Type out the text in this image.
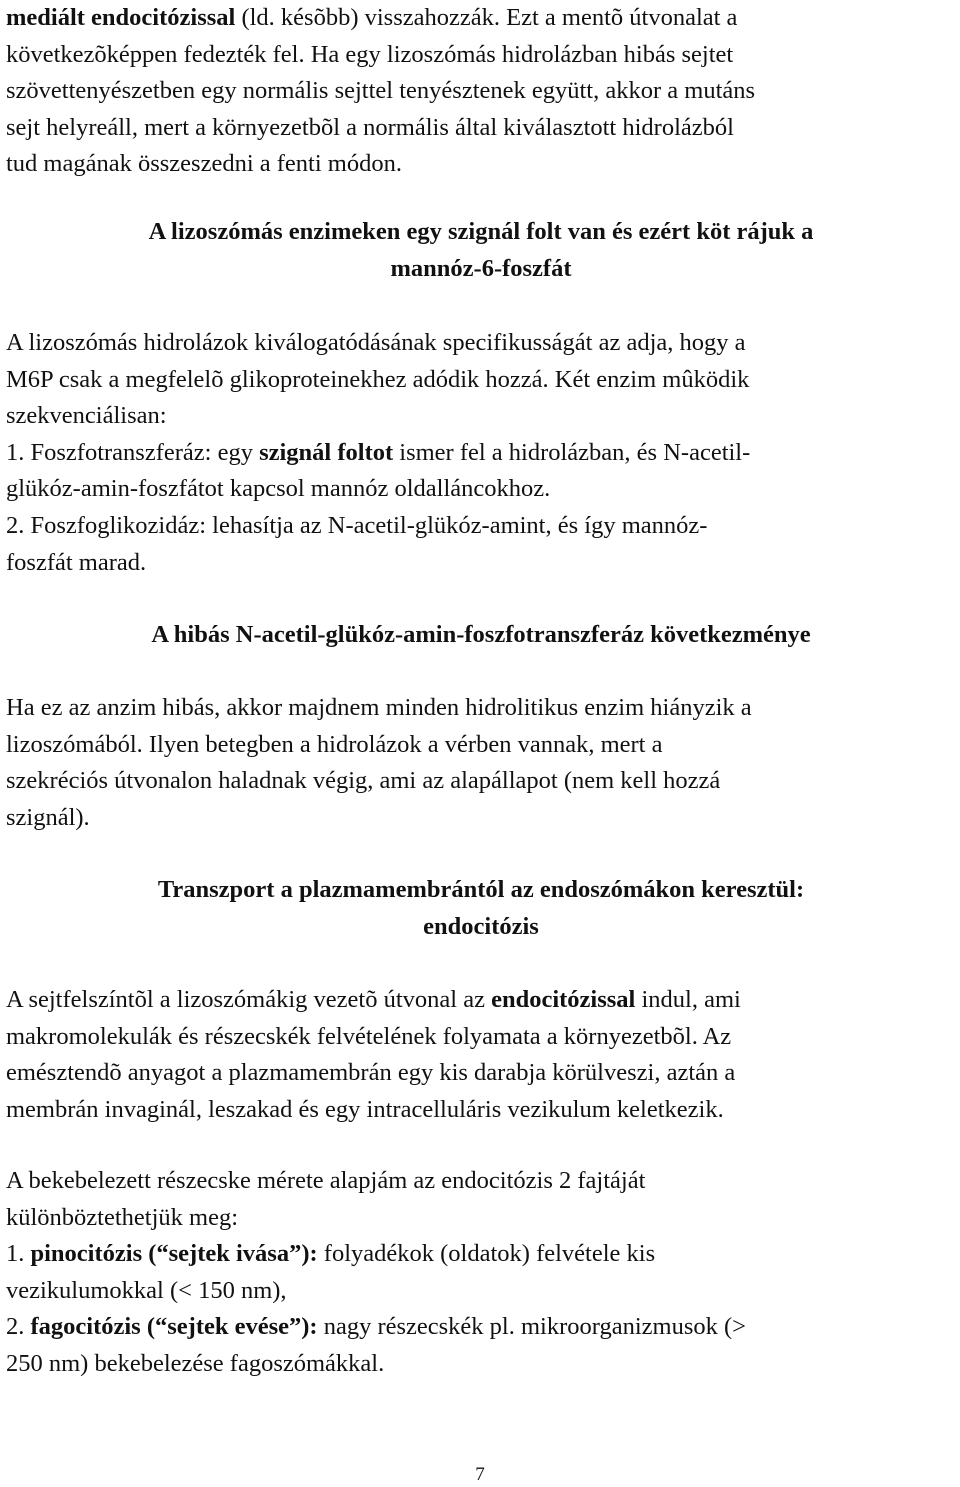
mediált endocitózissal (ld. késõbb) visszahozzák. Ezt a mentõ útvonalat a
következõképpen fedezték fel. Ha egy lizoszómás hidrolázban hibás sejtet
szövettenyészetben egy normális sejttel tenyésztenek együtt, akkor a mutáns
sejt helyreáll, mert a környezetbõl a normális által kiválasztott hidrolázból
tud magának összeszedni a fenti módon.
A lizoszómás enzimeken egy szignál folt van és ezért köt rájuk a
mannóz-6-foszfát
A lizoszómás hidrolázok kiválogatódásának specifikusságát az adja, hogy a
M6P csak a megfelelõ glikoproteinekhez adódik hozzá. Két enzim mûködik
szekvenciálisan:
1. Foszfotranszferáz: egy szignál foltot ismer fel a hidrolázban, és N-acetil-
glükóz-amin-foszfátot kapcsol mannóz oldalláncokhoz.
2. Foszfoglikozidáz: lehasítja az N-acetil-glükóz-amint, és így mannóz-
foszfát marad.
A hibás N-acetil-glükóz-amin-foszfotranszferáz következménye
Ha ez az anzim hibás, akkor majdnem minden hidrolitikus enzim hiányzik a
lizoszómából. Ilyen betegben a hidrolázok a vérben vannak, mert a
szekréciós útvonalon haladnak végig, ami az alapállapot (nem kell hozzá
szignál).
Transzport a plazmamembrántól az endoszómákon keresztül:
endocitózis
A sejtfelszíntõl a lizoszómákig vezetõ útvonal az endocitózissal indul, ami
makromolekulák és részecskék felvételének folyamata a környezetbõl. Az
emésztendõ anyagot a plazmamembrán egy kis darabja körülveszi, aztán a
membrán invaginál, leszakad és egy intracelluláris vezikulum keletkezik.
A bekebelezett részecske mérete alapjám az endocitózis 2 fajtáját
különböztethetjük meg:
1. pinocitózis (“sejtek ivása”): folyadékok (oldatok) felvétele kis
vezikulumokkal (< 150 nm),
2. fagocitózis (“sejtek evése”): nagy részecskék pl. mikroorganizmusok (>
250 nm) bekebelezése fagoszómákkal.
7
